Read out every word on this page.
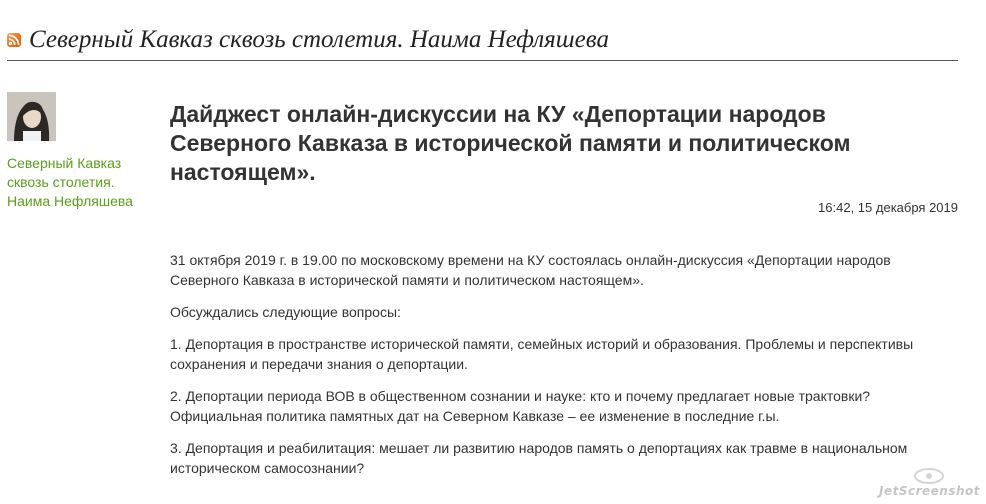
Северный Кавказ сквозь столетия. Наима Нефляшева
Северный Кавказ сквозь столетия. Наима Нефляшева
Дайджест онлайн-дискуссии на КУ «Депортации народов Северного Кавказа в исторической памяти и политическом настоящем».
16:42, 15 декабря 2019

31 октября 2019 г. в 19.00 по московскому времени на КУ состоялась онлайн-дискуссия «Депортации народов Северного Кавказа в исторической памяти и политическом настоящем».

Обсуждались следующие вопросы:

1. Депортация в пространстве исторической памяти, семейных историй и образования. Проблемы и перспективы сохранения и передачи знания о депортации.

2. Депортации периода ВОВ в общественном сознании и науке: кто и почему предлагает новые трактовки? Официальная политика памятных дат на Северном Кавказе – ее изменение в последние г.ы.

3. Депортация и реабилитация: мешает ли развитию народов память о депортациях как травме в национальном историческом самосознании?

JetScreenshot
